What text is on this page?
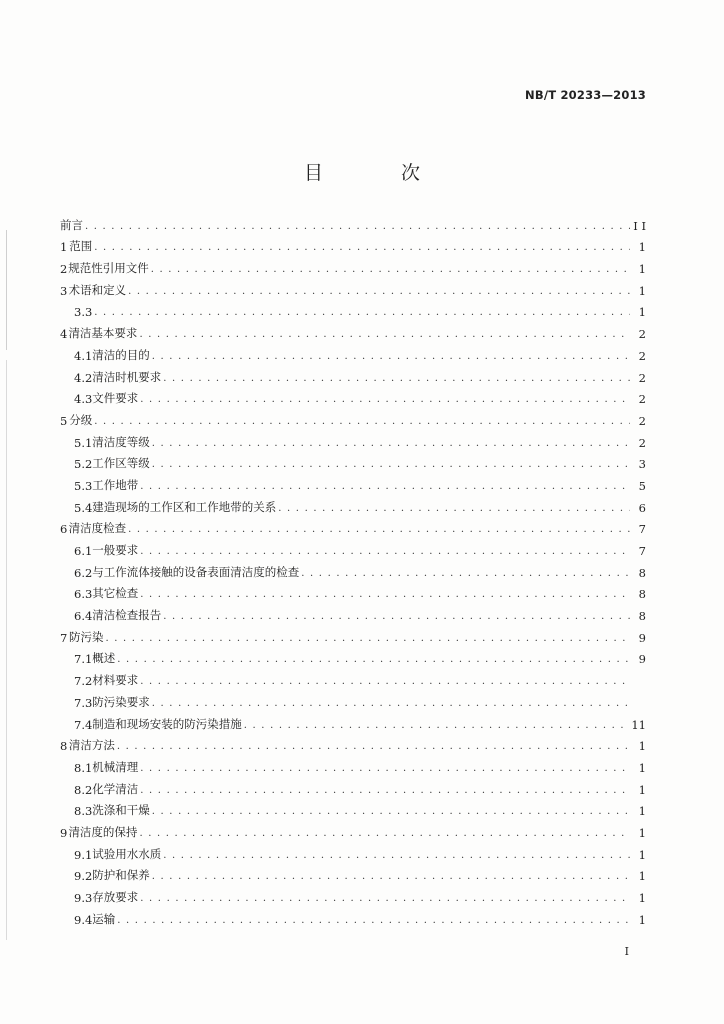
NB/T 20233—2013
目 次
前言 . . .	I I
1 范围 . . .	1
2 规范性引用文件 . . .	1
3 术语和定义 . . .	1
3.3 . . .	1
4 清洁基本要求 . . .	2
4.1 清洁的目的 . . .	2
4.2 清洁时机要求 . . .	2
4.3 文件要求 . . .	2
5 分级 . . .	2
5.1 清洁度等级 . . .	2
5.2 工作区等级 . . .	3
5.3 工作地带 . . .	5
5.4 建造现场的工作区和工作地带的关系 . . .	6
6 清洁度检查 . . .	7
6.1 一般要求 . . .	7
6.2 与工作流体接触的设备表面清洁度的检查 . . .	8
6.3 其它检查 . . .	8
6.4 清洁检查报告 . . .	8
7 防污染 . . .	9
7.1 概述 . . .	9
7.2 材料要求
. . .
7.3 防污染要求
. . .
7.4 制造和现场安装的防污染措施 . . .	11
8 清洁方法 . . .	1
8.1 机械清理 . . .	1
8.2 化学清洁 . . .	1
8.3 洗涤和干燥 . . .	1
9 清洁度的保持 . . .	1
9.1 试验用水水质 . . .	1
9.2 防护和保养 . . .	1
9.3 存放要求 . . .	1
9.4 运输 . . .	1
I
